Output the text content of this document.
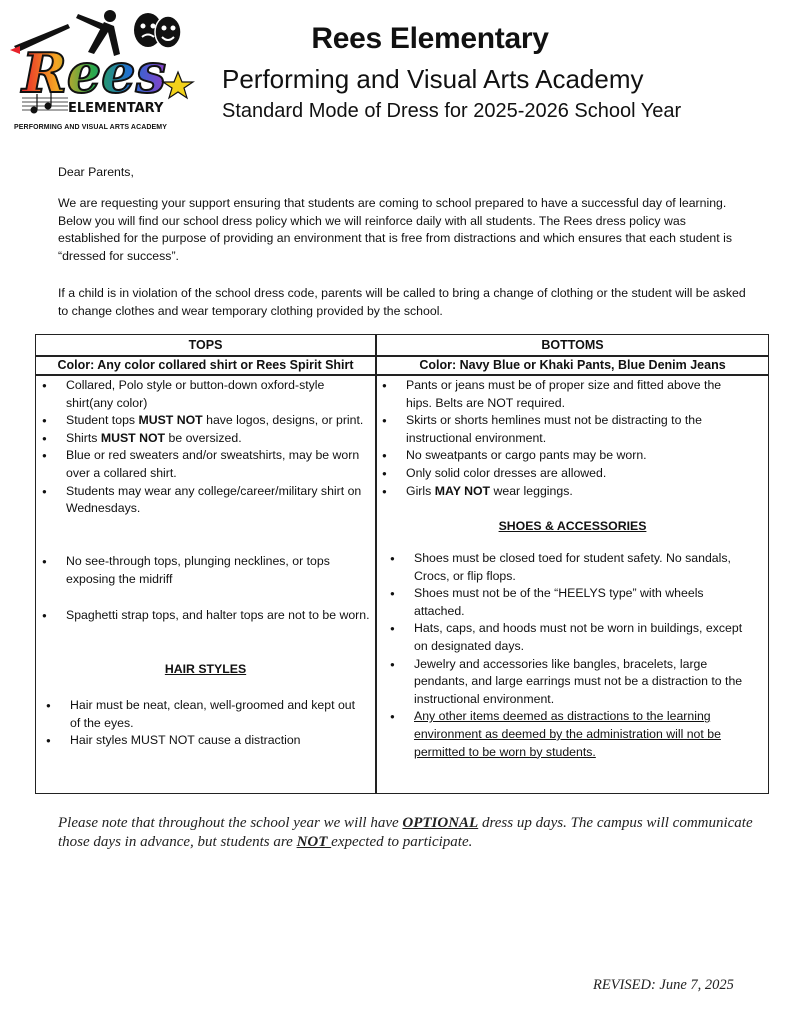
Rees
ELEMENTARY
PERFORMING AND VISUAL ARTS ACADEMY
Rees Elementary
Performing and Visual Arts Academy
Standard Mode of Dress for 2025-2026 School Year
Dear Parents,
We are requesting your support ensuring that students are coming to school prepared to have a successful day of learning. Below you will find our school dress policy which we will reinforce daily with all students. The Rees dress policy was established for the purpose of providing an environment that is free from distractions and which ensures that each student is “dressed for success”.
If a child is in violation of the school dress code, parents will be called to bring a change of clothing or the student will be asked to change clothes and wear temporary clothing provided by the school.
TOPS
Color: Any color collared shirt or Rees Spirit Shirt
● Collared, Polo style or button-down oxford-style shirt(any color)
● Student tops MUST NOT have logos, designs, or print.
● Shirts MUST NOT be oversized.
● Blue or red sweaters and/or sweatshirts, may be worn over a collared shirt.
● Students may wear any college/career/military shirt on Wednesdays.
● No see-through tops, plunging necklines, or tops exposing the midriff
● Spaghetti strap tops, and halter tops are not to be worn.
HAIR STYLES
● Hair must be neat, clean, well-groomed and kept out of the eyes.
● Hair styles MUST NOT cause a distraction
BOTTOMS
Color: Navy Blue or Khaki Pants, Blue Denim Jeans
● Pants or jeans must be of proper size and fitted above the hips. Belts are NOT required.
● Skirts or shorts hemlines must not be distracting to the instructional environment.
● No sweatpants or cargo pants may be worn.
● Only solid color dresses are allowed.
● Girls MAY NOT wear leggings.
SHOES & ACCESSORIES
● Shoes must be closed toed for student safety. No sandals, Crocs, or flip flops.
● Shoes must not be of the “HEELYS type” with wheels attached.
● Hats, caps, and hoods must not be worn in buildings, except on designated days.
● Jewelry and accessories like bangles, bracelets, large pendants, and large earrings must not be a distraction to the instructional environment.
● Any other items deemed as distractions to the learning environment as deemed by the administration will not be permitted to be worn by students.
Please note that throughout the school year we will have OPTIONAL dress up days. The campus will communicate those days in advance, but students are NOT expected to participate.
REVISED: June 7, 2025
